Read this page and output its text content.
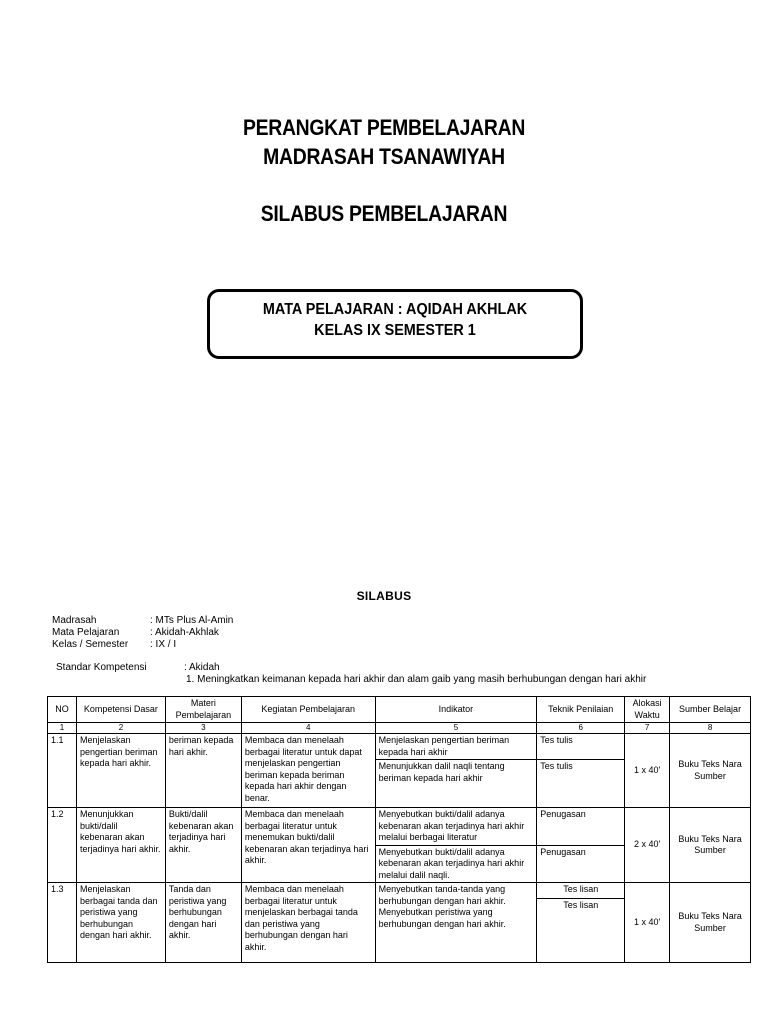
PERANGKAT PEMBELAJARAN
MADRASAH TSANAWIYAH
SILABUS PEMBELAJARAN
MATA PELAJARAN : AQIDAH AKHLAK
KELAS IX SEMESTER 1
SILABUS
Madrasah	: MTs Plus Al-Amin
Mata Pelajaran	: Akidah-Akhlak
Kelas / Semester	: IX / I
Standar Kompetensi	: Akidah
1. Meningkatkan keimanan kepada hari akhir dan alam gaib yang masih berhubungan dengan hari akhir
NO	Kompetensi Dasar	Materi Pembelajaran	Kegiatan Pembelajaran	Indikator	Teknik Penilaian	Alokasi Waktu	Sumber Belajar
1	2	3	4	5	6	7	8
1.1	Menjelaskan pengertian beriman kepada hari akhir.	beriman kepada hari akhir.	Membaca dan menelaah berbagai literatur untuk dapat menjelaskan pengertian beriman kepada beriman kepada hari akhir dengan benar.	Menjelaskan pengertian beriman kepada hari akhir	Tes tulis	1 x 40'	Buku Teks Nara Sumber
				Menunjukkan dalil naqli tentang beriman kepada hari akhir	Tes tulis		
1.2	Menunjukkan bukti/dalil kebenaran akan terjadinya hari akhir.	Bukti/dalil kebenaran akan terjadinya hari akhir.	Membaca dan menelaah berbagai literatur untuk menemukan bukti/dalil kebenaran akan terjadinya hari akhir.	Menyebutkan bukti/dalil adanya kebenaran akan terjadinya hari akhir melalui berbagai literatur	Penugasan	2 x 40'	Buku Teks Nara Sumber
				Menyebutkan bukti/dalil adanya kebenaran akan terjadinya hari akhir melalui dalil naqli.	Penugasan		
1.3	Menjelaskan berbagai tanda dan peristiwa yang berhubungan dengan hari akhir.	Tanda dan peristiwa yang berhubungan dengan hari akhir.	Membaca dan menelaah berbagai literatur untuk menjelaskan berbagai tanda dan peristiwa yang berhubungan dengan hari akhir.	Menyebutkan tanda-tanda yang berhubungan dengan hari akhir. Menyebutkan peristiwa yang berhubungan dengan hari akhir.	Tes lisan	1 x 40'	Buku Teks Nara Sumber
					Tes lisan		
